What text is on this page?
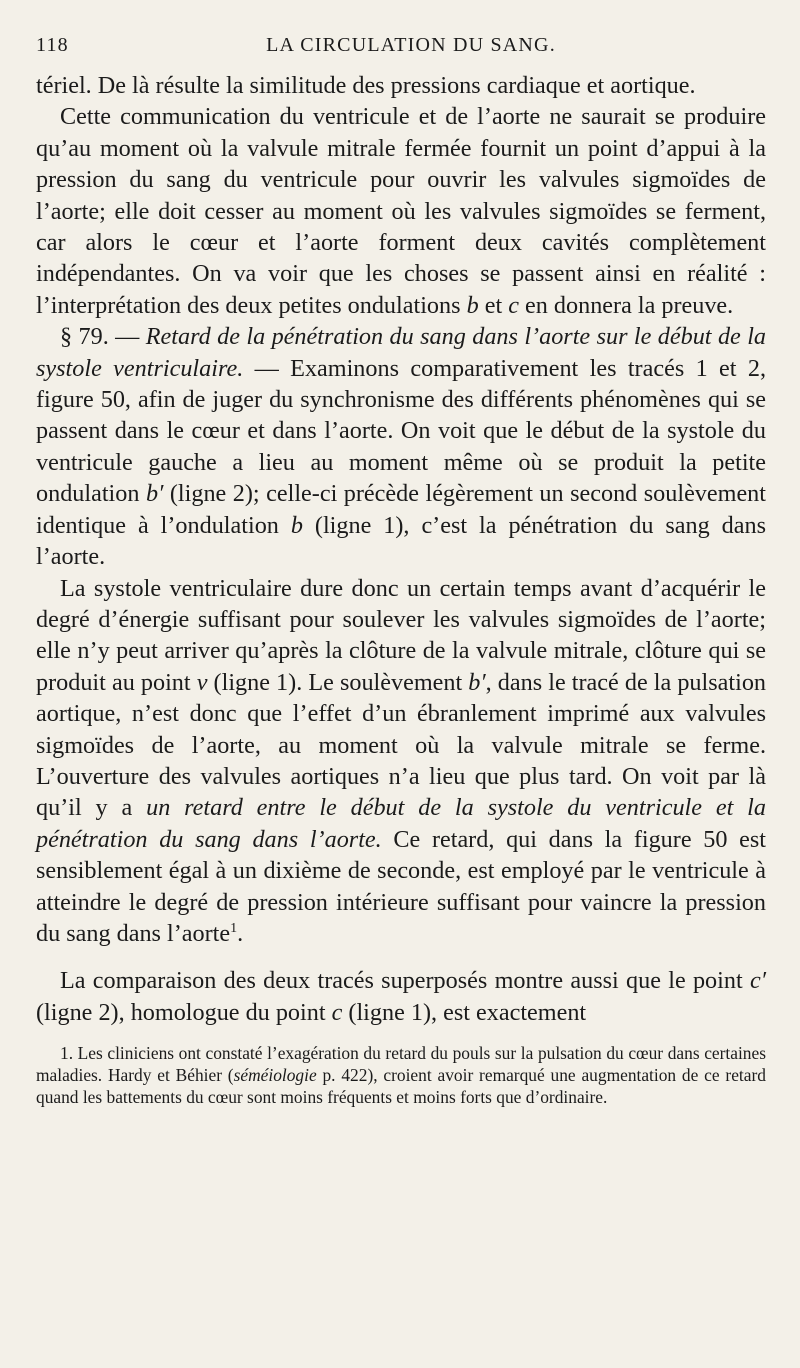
118	LA CIRCULATION DU SANG.

tériel. De là résulte la similitude des pressions cardiaque et aortique.

Cette communication du ventricule et de l’aorte ne saurait se produire qu’au moment où la valvule mitrale fermée fournit un point d’appui à la pression du sang du ventricule pour ouvrir les valvules sigmoïdes de l’aorte; elle doit cesser au moment où les valvules sigmoïdes se ferment, car alors le cœur et l’aorte forment deux cavités complètement indépendantes. On va voir que les choses se passent ainsi en réalité : l’interprétation des deux petites ondulations b et c en donnera la preuve.

§ 79. — Retard de la pénétration du sang dans l’aorte sur le début de la systole ventriculaire. — Examinons comparativement les tracés 1 et 2, figure 50, afin de juger du synchronisme des différents phénomènes qui se passent dans le cœur et dans l’aorte. On voit que le début de la systole du ventricule gauche a lieu au moment même où se produit la petite ondulation b′ (ligne 2); celle-ci précède légèrement un second soulèvement identique à l’ondulation b (ligne 1), c’est la pénétration du sang dans l’aorte.

La systole ventriculaire dure donc un certain temps avant d’acquérir le degré d’énergie suffisant pour soulever les valvules sigmoïdes de l’aorte; elle n’y peut arriver qu’après la clôture de la valvule mitrale, clôture qui se produit au point v (ligne 1). Le soulèvement b′, dans le tracé de la pulsation aortique, n’est donc que l’effet d’un ébranlement imprimé aux valvules sigmoïdes de l’aorte, au moment où la valvule mitrale se ferme. L’ouverture des valvules aortiques n’a lieu que plus tard. On voit par là qu’il y a un retard entre le début de la systole du ventricule et la pénétration du sang dans l’aorte. Ce retard, qui dans la figure 50 est sensiblement égal à un dixième de seconde, est employé par le ventricule à atteindre le degré de pression intérieure suffisant pour vaincre la pression du sang dans l’aorte$^1$.

La comparaison des deux tracés superposés montre aussi que le point c′ (ligne 2), homologue du point c (ligne 1), est exactement

1. Les cliniciens ont constaté l’exagération du retard du pouls sur la pulsation du cœur dans certaines maladies. Hardy et Béhier (séméiologie p. 422), croient avoir remarqué une augmentation de ce retard quand les battements du cœur sont moins fréquents et moins forts que d’ordinaire.
